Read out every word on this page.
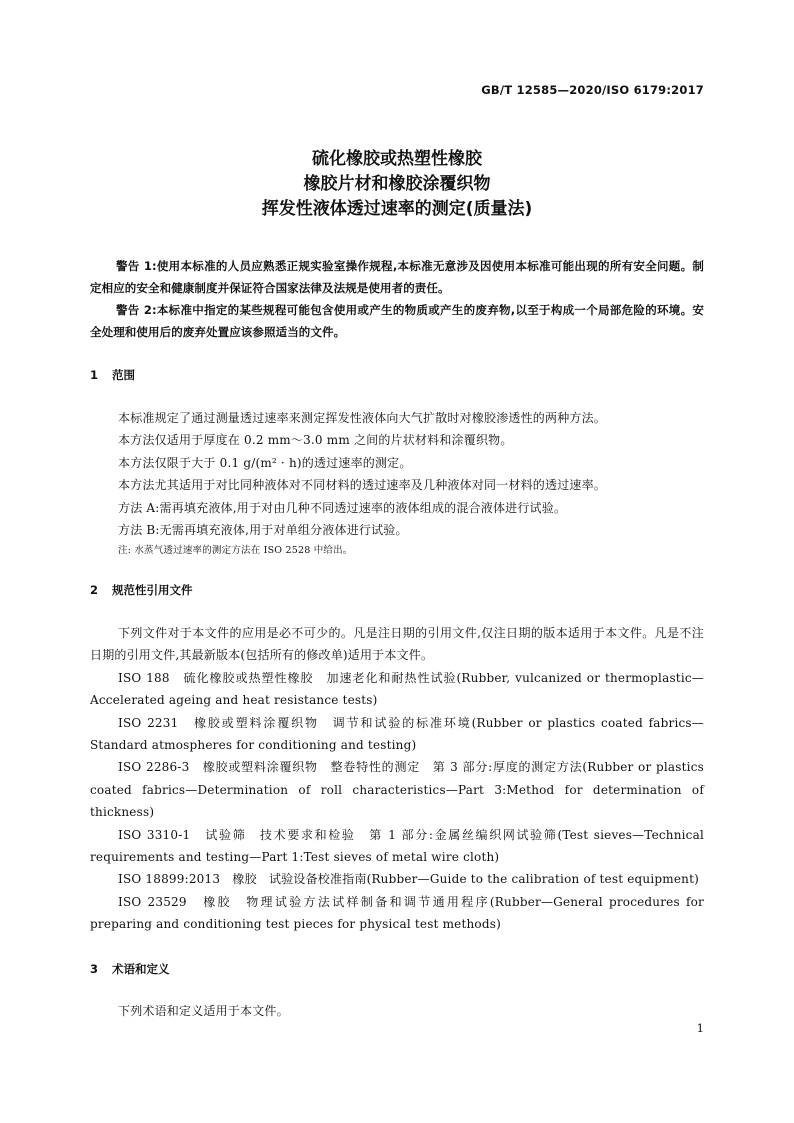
GB/T 12585—2020/ISO 6179:2017
硫化橡胶或热塑性橡胶
橡胶片材和橡胶涂覆织物
挥发性液体透过速率的测定(质量法)

警告 1:使用本标准的人员应熟悉正规实验室操作规程,本标准无意涉及因使用本标准可能出现的所有安全问题。制定相应的安全和健康制度并保证符合国家法律及法规是使用者的责任。

警告 2:本标准中指定的某些规程可能包含使用或产生的物质或产生的废弃物,以至于构成一个局部危险的环境。安全处理和使用后的废弃处置应该参照适当的文件。

1 范围

本标准规定了通过测量透过速率来测定挥发性液体向大气扩散时对橡胶渗透性的两种方法。

本方法仅适用于厚度在 0.2 mm～3.0 mm 之间的片状材料和涂覆织物。

本方法仅限于大于 0.1 g/(m² · h)的透过速率的测定。

本方法尤其适用于对比同种液体对不同材料的透过速率及几种液体对同一材料的透过速率。

方法 A:需再填充液体,用于对由几种不同透过速率的液体组成的混合液体进行试验。

方法 B:无需再填充液体,用于对单组分液体进行试验。

注: 水蒸气透过速率的测定方法在 ISO 2528 中给出。

2 规范性引用文件

下列文件对于本文件的应用是必不可少的。凡是注日期的引用文件,仅注日期的版本适用于本文件。凡是不注日期的引用文件,其最新版本(包括所有的修改单)适用于本文件。

ISO 188　硫化橡胶或热塑性橡胶　加速老化和耐热性试验(Rubber, vulcanized or thermoplastic—Accelerated ageing and heat resistance tests)

ISO 2231　橡胶或塑料涂覆织物　调节和试验的标准环境(Rubber or plastics coated fabrics—Standard atmospheres for conditioning and testing)

ISO 2286-3　橡胶或塑料涂覆织物　整卷特性的测定　第 3 部分:厚度的测定方法(Rubber or plastics coated fabrics—Determination of roll characteristics—Part 3:Method for determination of thickness)

ISO 3310-1　试验筛　技术要求和检验　第 1 部分:金属丝编织网试验筛(Test sieves—Technical requirements and testing—Part 1:Test sieves of metal wire cloth)

ISO 18899:2013　橡胶　试验设备校准指南(Rubber—Guide to the calibration of test equipment)

ISO 23529　橡胶　物理试验方法试样制备和调节通用程序(Rubber—General procedures for preparing and conditioning test pieces for physical test methods)

3 术语和定义

下列术语和定义适用于本文件。

1
